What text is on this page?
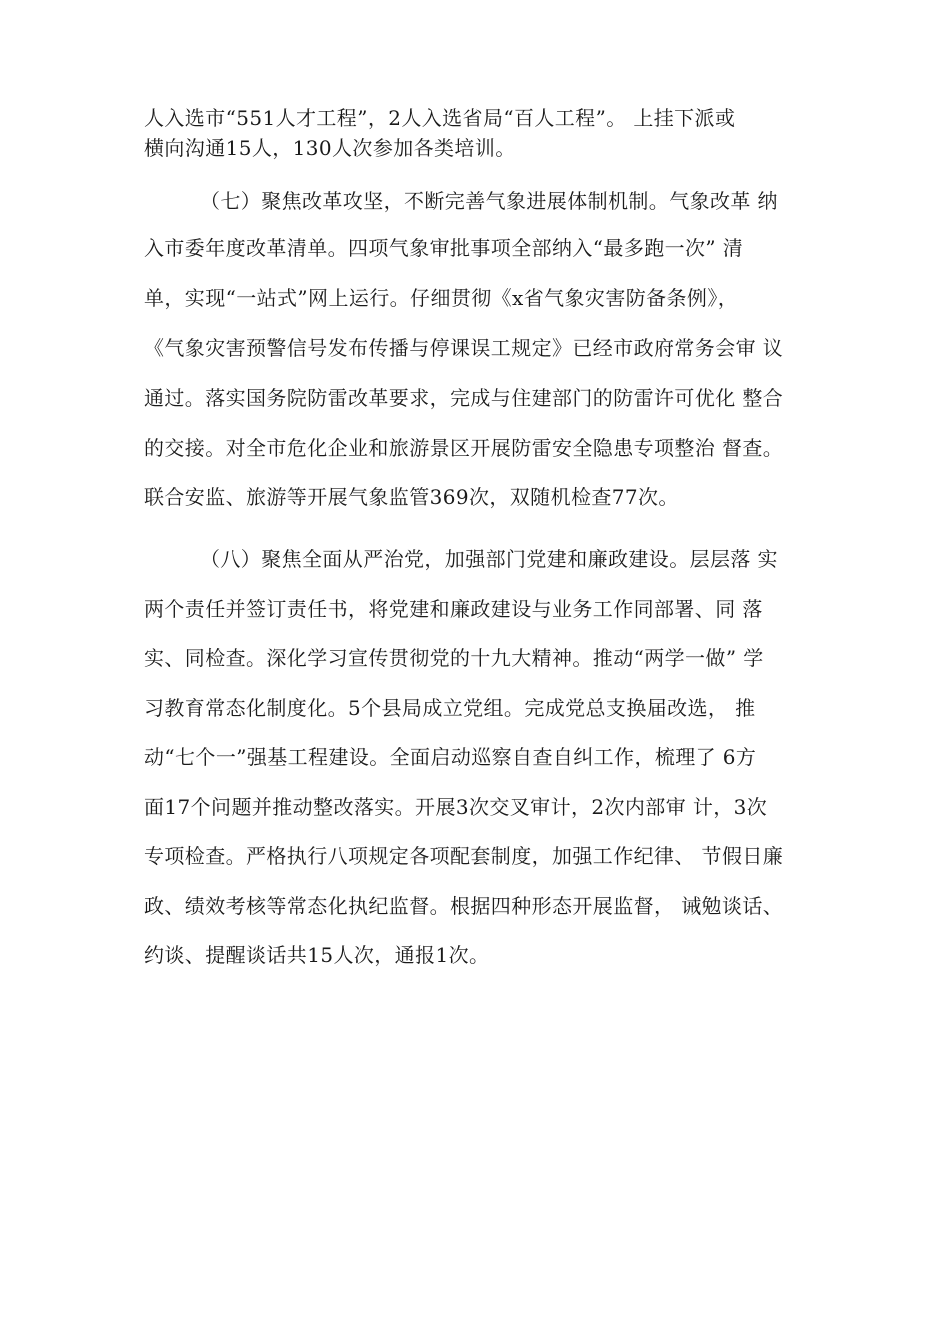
人入选市“551人才工程”，2人入选省局“百人工程”。 上挂下派或
横向沟通15人，130人次参加各类培训。
（七）聚焦改革攻坚，不断完善气象进展体制机制。气象改革 纳
入市委年度改革清单。四项气象审批事项全部纳入“最多跑一次” 清
单，实现“一站式”网上运行。仔细贯彻《x省气象灾害防备条例》，
《气象灾害预警信号发布传播与停课误工规定》已经市政府常务会审 议
通过。落实国务院防雷改革要求，完成与住建部门的防雷许可优化 整合
的交接。对全市危化企业和旅游景区开展防雷安全隐患专项整治 督查。
联合安监、旅游等开展气象监管369次，双随机检查77次。
（八）聚焦全面从严治党，加强部门党建和廉政建设。层层落 实
两个责任并签订责任书，将党建和廉政建设与业务工作同部署、同 落
实、同检查。深化学习宣传贯彻党的十九大精神。推动“两学一做” 学
习教育常态化制度化。5个县局成立党组。完成党总支换届改选， 推
动“七个一”强基工程建设。全面启动巡察自查自纠工作，梳理了 6方
面17个问题并推动整改落实。开展3次交叉审计，2次内部审 计，3次
专项检查。严格执行八项规定各项配套制度，加强工作纪律、 节假日廉
政、绩效考核等常态化执纪监督。根据四种形态开展监督， 诫勉谈话、
约谈、提醒谈话共15人次，通报1次。
